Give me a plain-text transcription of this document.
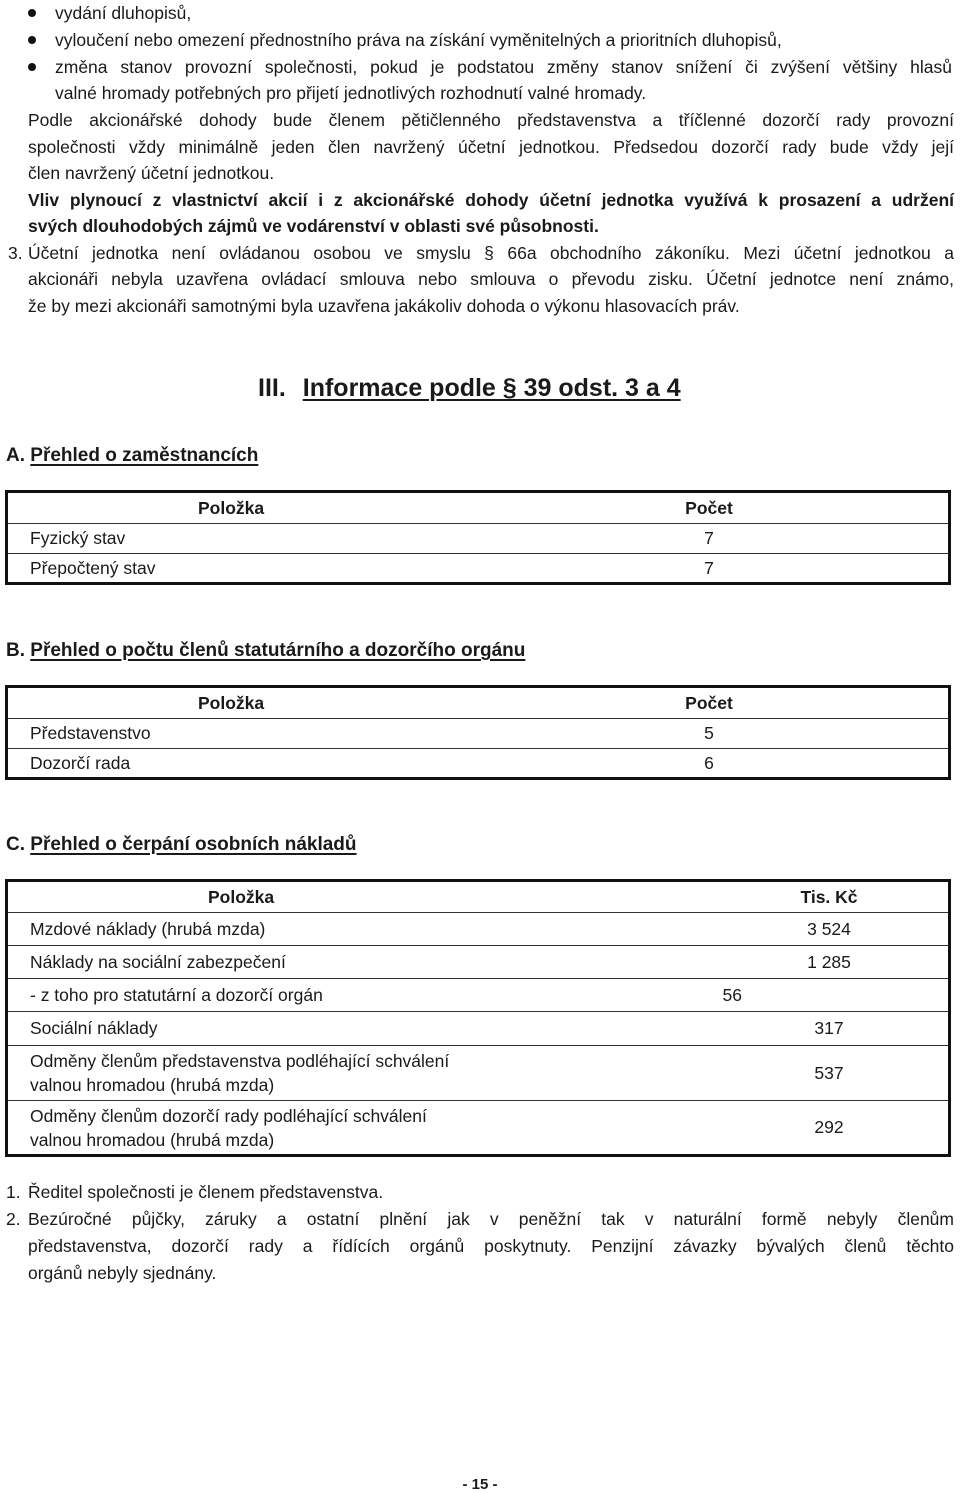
vydání dluhopisů,
vyloučení nebo omezení přednostního práva na získání vyměnitelných a prioritních dluhopisů,
změna stanov provozní společnosti, pokud je podstatou změny stanov snížení či zvýšení většiny hlasů
valné hromady potřebných pro přijetí jednotlivých rozhodnutí valné hromady.
Podle akcionářské dohody bude členem pětičlenného představenstva a tříčlenné dozorčí rady provozní
společnosti vždy minimálně jeden člen navržený účetní jednotkou. Předsedou dozorčí rady bude vždy její
člen navržený účetní jednotkou.
Vliv plynoucí z vlastnictví akcií i z akcionářské dohody účetní jednotka využívá k prosazení a udržení
svých dlouhodobých zájmů ve vodárenství v oblasti své působnosti.
3. Účetní jednotka není ovládanou osobou ve smyslu § 66a obchodního zákoníku. Mezi účetní jednotkou a
akcionáři nebyla uzavřena ovládací smlouva nebo smlouva o převodu zisku. Účetní jednotce není známo,
že by mezi akcionáři samotnými byla uzavřena jakákoliv dohoda o výkonu hlasovacích práv.
III. Informace podle § 39 odst. 3 a 4
A. Přehled o zaměstnancích
Položka	Počet
Fyzický stav	7
Přepočtený stav	7
B. Přehled o počtu členů statutárního a dozorčího orgánu
Položka	Počet
Představenstvo	5
Dozorčí rada	6
C. Přehled o čerpání osobních nákladů
Položka	Tis. Kč
Mzdové náklady (hrubá mzda)	3 524
Náklady na sociální zabezpečení	1 285
- z toho pro statutární a dozorčí orgán	56
Sociální náklady	317
Odměny členům představenstva podléhající schválení
valnou hromadou (hrubá mzda)	537
Odměny členům dozorčí rady podléhající schválení
valnou hromadou (hrubá mzda)	292
1. Ředitel společnosti je členem představenstva.
2. Bezúročné půjčky, záruky a ostatní plnění jak v peněžní tak v naturální formě nebyly členům
představenstva, dozorčí rady a řídících orgánů poskytnuty. Penzijní závazky bývalých členů těchto
orgánů nebyly sjednány.
- 15 -
